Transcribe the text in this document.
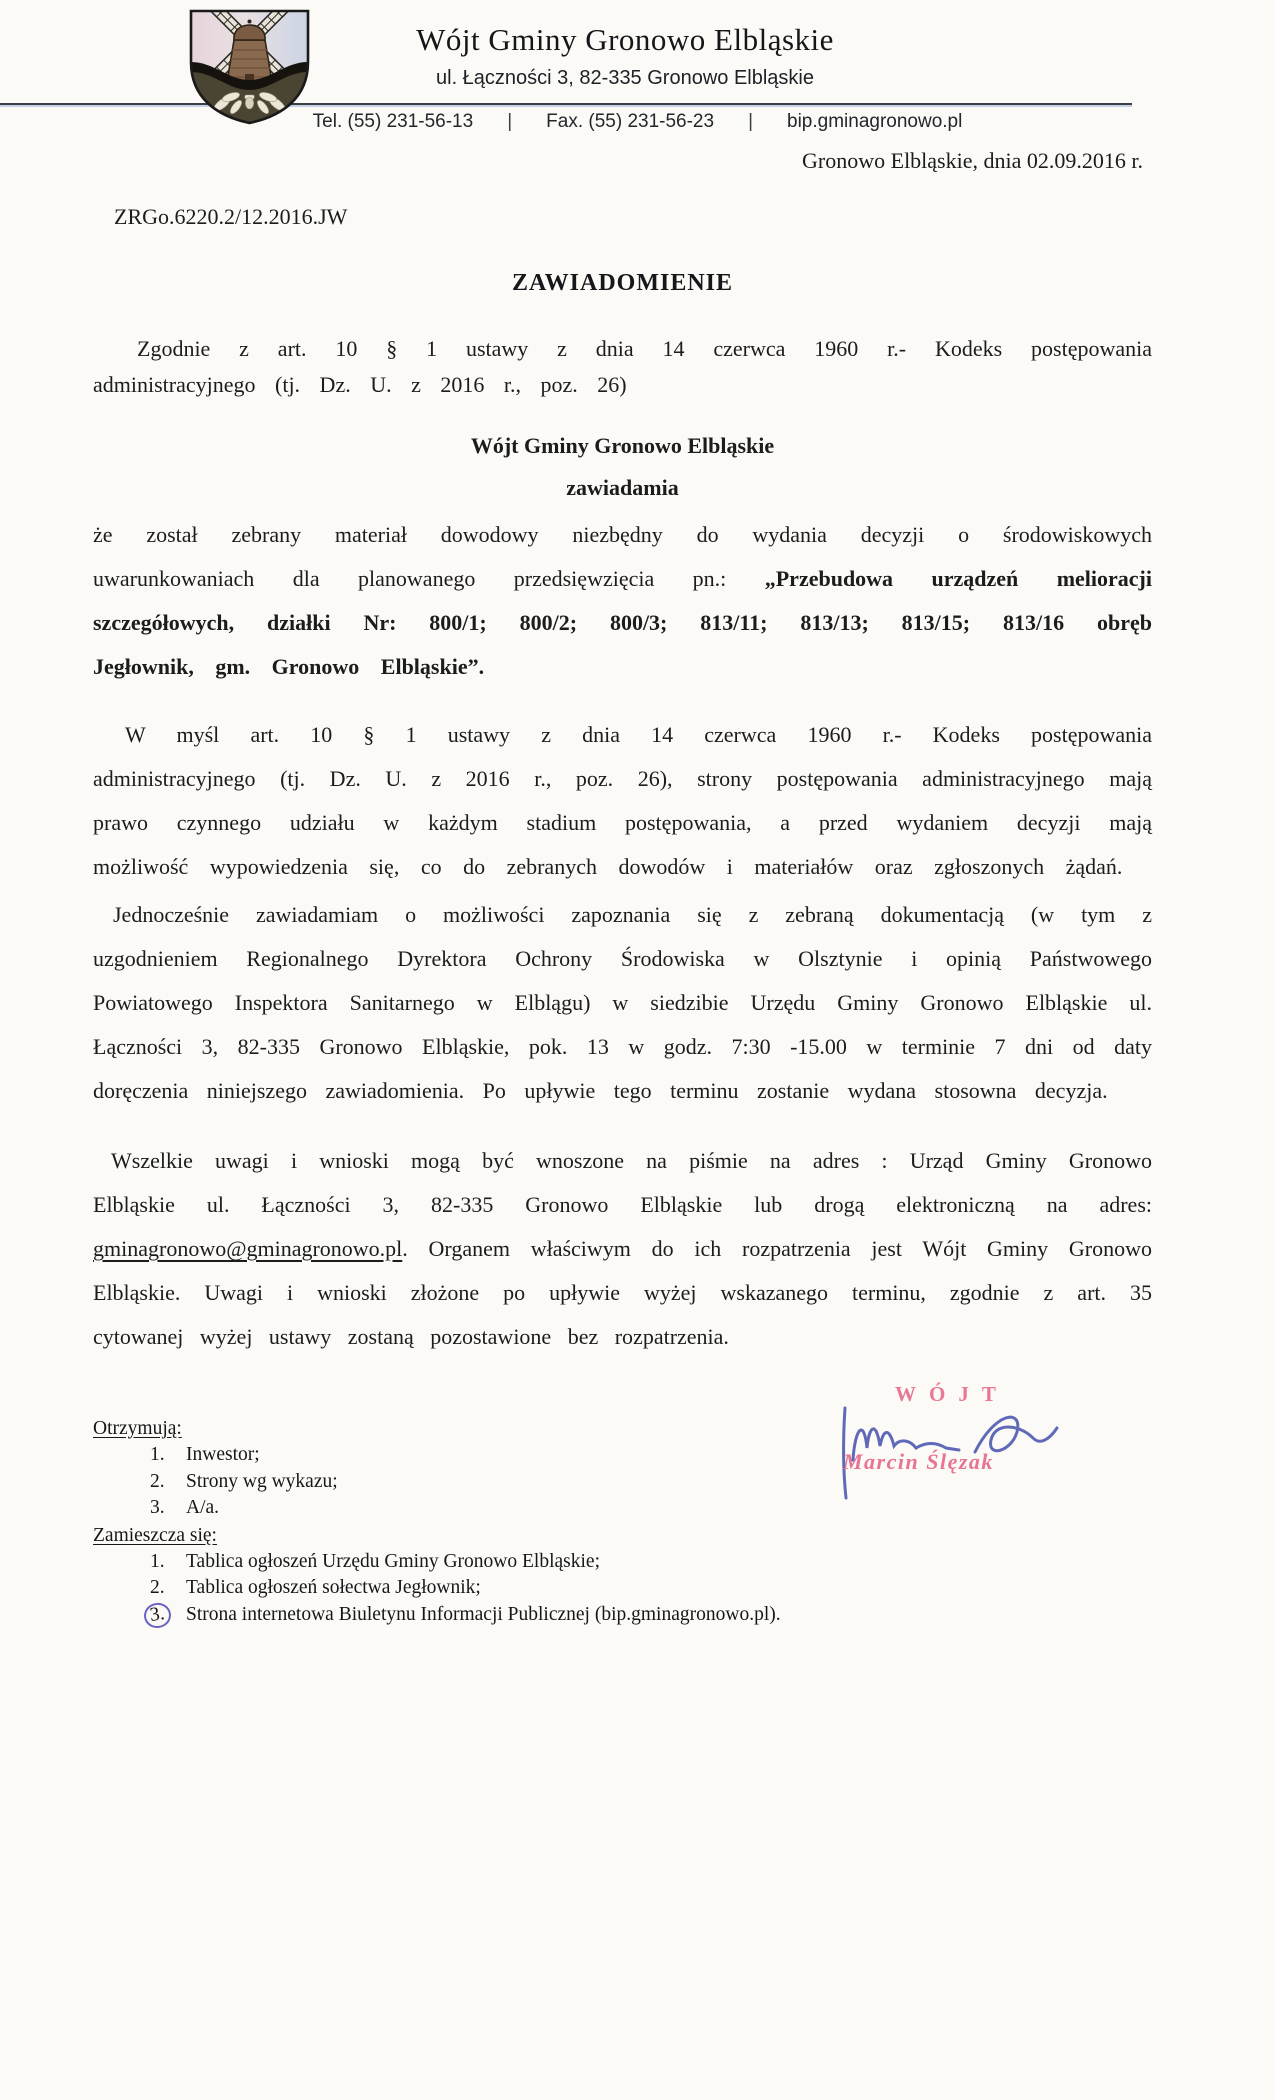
Wójt Gminy Gronowo Elbląskie
ul. Łączności 3, 82-335 Gronowo Elbląskie
Tel. (55) 231-56-13 | Fax. (55) 231-56-23 | bip.gminagronowo.pl
Gronowo Elbląskie, dnia 02.09.2016 r.
ZRGo.6220.2/12.2016.JW
ZAWIADOMIENIE

Zgodnie z art. 10 § 1 ustawy z dnia 14 czerwca 1960 r.- Kodeks postępowania administracyjnego (tj. Dz. U. z 2016 r., poz. 26)

Wójt Gminy Gronowo Elbląskie
zawiadamia

że został zebrany materiał dowodowy niezbędny do wydania decyzji o środowiskowych uwarunkowaniach dla planowanego przedsięwzięcia pn.: „Przebudowa urządzeń melioracji szczegółowych, działki Nr: 800/1; 800/2; 800/3; 813/11; 813/13; 813/15; 813/16 obręb Jegłownik, gm. Gronowo Elbląskie”.

W myśl art. 10 § 1 ustawy z dnia 14 czerwca 1960 r.- Kodeks postępowania administracyjnego (tj. Dz. U. z 2016 r., poz. 26), strony postępowania administracyjnego mają prawo czynnego udziału w każdym stadium postępowania, a przed wydaniem decyzji mają możliwość wypowiedzenia się, co do zebranych dowodów i materiałów oraz zgłoszonych żądań.

Jednocześnie zawiadamiam o możliwości zapoznania się z zebraną dokumentacją (w tym z uzgodnieniem Regionalnego Dyrektora Ochrony Środowiska w Olsztynie i opinią Państwowego Powiatowego Inspektora Sanitarnego w Elblągu) w siedzibie Urzędu Gminy Gronowo Elbląskie ul. Łączności 3, 82-335 Gronowo Elbląskie, pok. 13 w godz. 7:30 -15.00 w terminie 7 dni od daty doręczenia niniejszego zawiadomienia. Po upływie tego terminu zostanie wydana stosowna decyzja.

Wszelkie uwagi i wnioski mogą być wnoszone na piśmie na adres : Urząd Gminy Gronowo Elbląskie ul. Łączności 3, 82-335 Gronowo Elbląskie lub drogą elektroniczną na adres: gminagronowo@gminagronowo.pl. Organem właściwym do ich rozpatrzenia jest Wójt Gminy Gronowo Elbląskie. Uwagi i wnioski złożone po upływie wyżej wskazanego terminu, zgodnie z art. 35 cytowanej wyżej ustawy zostaną pozostawione bez rozpatrzenia.

WÓJT
Marcin Ślęzak
Otrzymują:
1.	Inwestor;
2.	Strony wg wykazu;
3.	A/a.
Zamieszcza się:
1.	Tablica ogłoszeń Urzędu Gminy Gronowo Elbląskie;
2.	Tablica ogłoszeń sołectwa Jegłownik;
3.	Strona internetowa Biuletynu Informacji Publicznej (bip.gminagronowo.pl).
